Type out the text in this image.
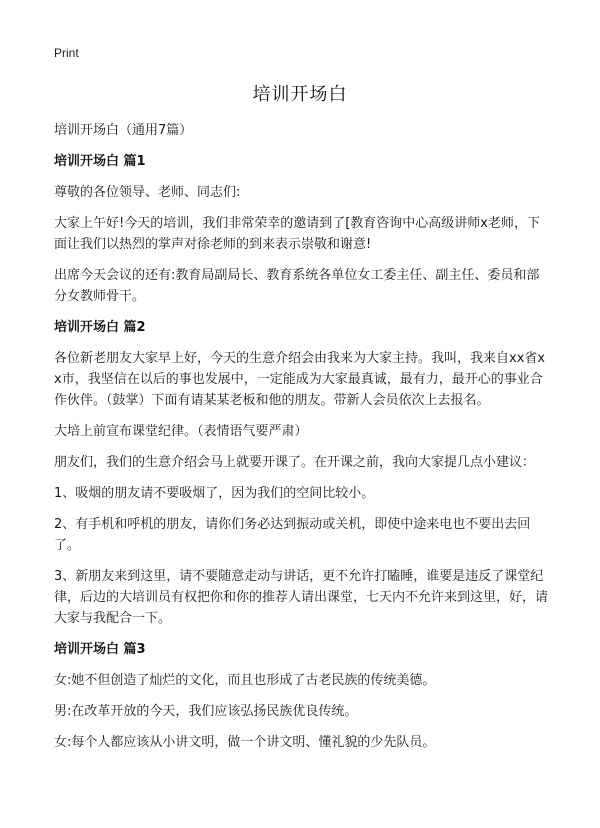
Print

培训开场白

培训开场白（通用7篇）

培训开场白 篇1

尊敬的各位领导、老师、同志们:

大家上午好!今天的培训，我们非常荣幸的邀请到了[教育咨询中心高级讲师x老师，下面让我们以热烈的掌声对徐老师的到来表示崇敬和谢意!

出席今天会议的还有:教育局副局长、教育系统各单位女工委主任、副主任、委员和部分女教师骨干。

培训开场白 篇2

各位新老朋友大家早上好，今天的生意介绍会由我来为大家主持。我叫，我来自xx省xx市，我坚信在以后的事也发展中，一定能成为大家最真诚，最有力，最开心的事业合作伙伴。（鼓掌）下面有请某某老板和他的朋友。带新人会员依次上去报名。

大培上前宣布课堂纪律。（表情语气要严肃）

朋友们，我们的生意介绍会马上就要开课了。在开课之前，我向大家提几点小建议：

1、吸烟的朋友请不要吸烟了，因为我们的空间比较小。

2、有手机和呼机的朋友，请你们务必达到振动或关机，即使中途来电也不要出去回了。

3、新朋友来到这里，请不要随意走动与讲话，更不允许打瞌睡，谁要是违反了课堂纪律，后边的大培训员有权把你和你的推荐人请出课堂，七天内不允许来到这里，好，请大家与我配合一下。

培训开场白 篇3

女:她不但创造了灿烂的文化，而且也形成了古老民族的传统美德。

男:在改革开放的今天，我们应该弘扬民族优良传统。

女:每个人都应该从小讲文明，做一个讲文明、懂礼貌的少先队员。
